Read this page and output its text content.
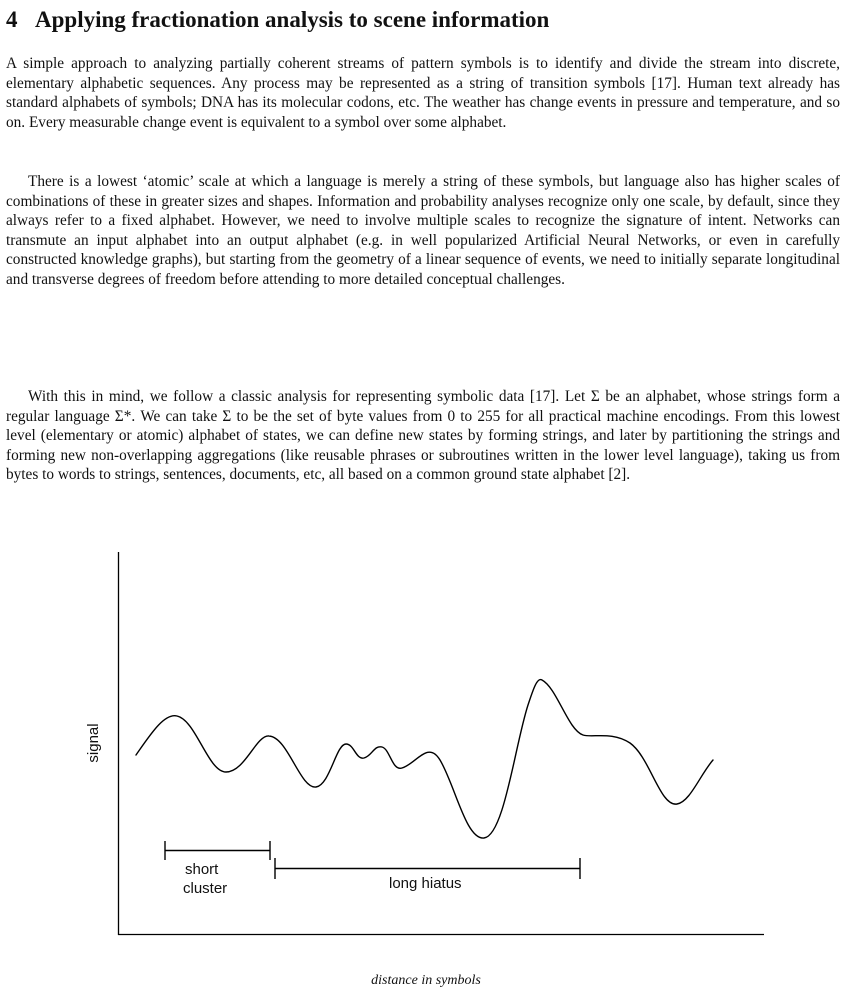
4 Applying fractionation analysis to scene information

A simple approach to analyzing partially coherent streams of pattern symbols is to identify and divide the stream into discrete, elementary alphabetic sequences. Any process may be represented as a string of transition symbols [17]. Human text already has standard alphabets of symbols; DNA has its molecular codons, etc. The weather has change events in pressure and temperature, and so on. Every measurable change event is equivalent to a symbol over some alphabet.

There is a lowest ‘atomic’ scale at which a language is merely a string of these symbols, but language also has higher scales of combinations of these in greater sizes and shapes. Information and probability analyses recognize only one scale, by default, since they always refer to a fixed alphabet. However, we need to involve multiple scales to recognize the signature of intent. Networks can transmute an input alphabet into an output alphabet (e.g. in well popularized Artificial Neural Networks, or even in carefully constructed knowledge graphs), but starting from the geometry of a linear sequence of events, we need to initially separate longitudinal and transverse degrees of freedom before attending to more detailed conceptual challenges.

With this in mind, we follow a classic analysis for representing symbolic data [17]. Let Σ be an alphabet, whose strings form a regular language Σ*. We can take Σ to be the set of byte values from 0 to 255 for all practical machine encodings. From this lowest level (elementary or atomic) alphabet of states, we can define new states by forming strings, and later by partitioning the strings and forming new non-overlapping aggregations (like reusable phrases or subroutines written in the lower level language), taking us from bytes to words to strings, sentences, documents, etc, all based on a common ground state alphabet [2].

signal
short
cluster	long hiatus
distance in symbols
